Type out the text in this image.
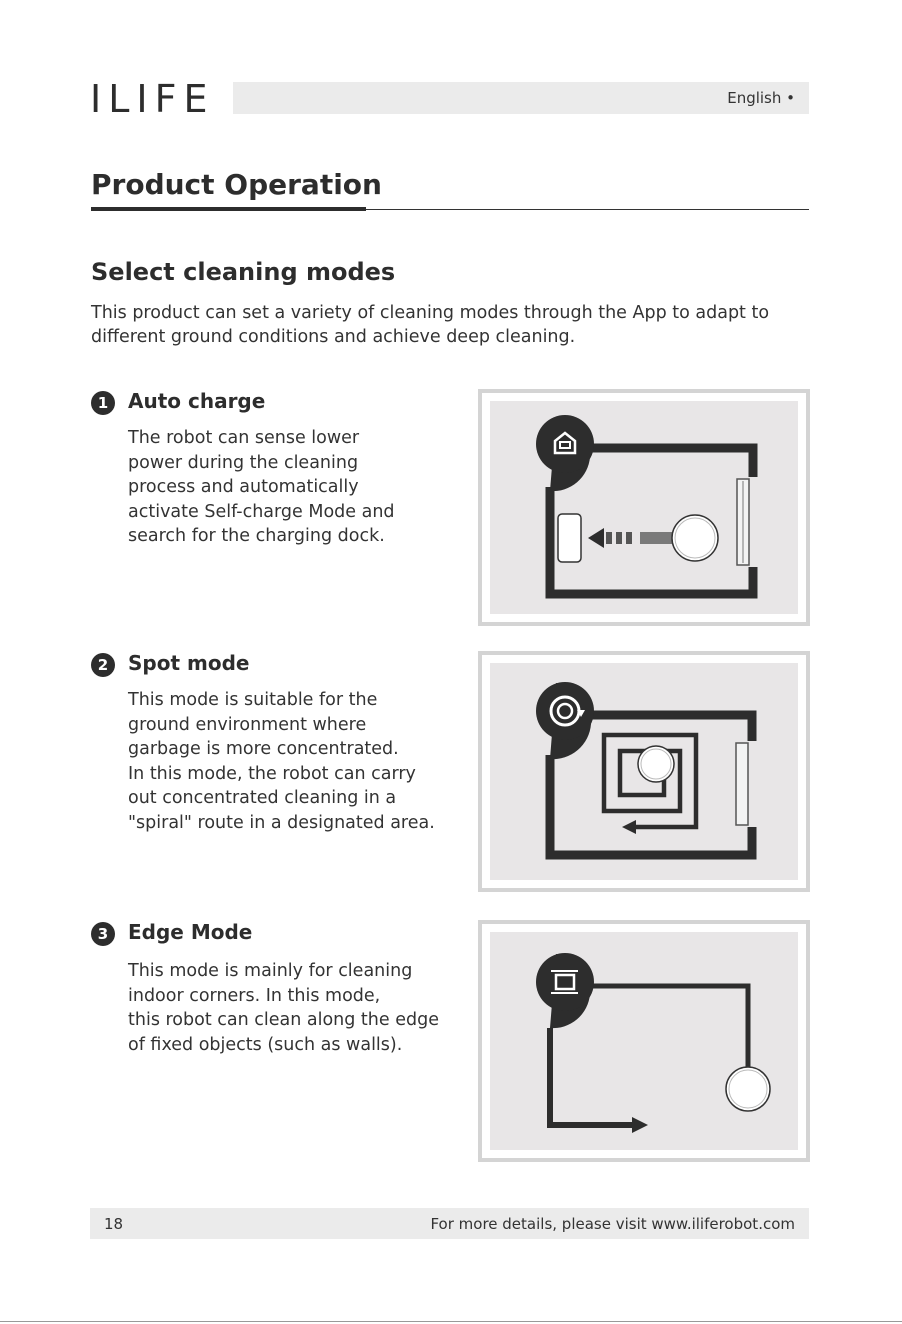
ILIFE	English •
Product Operation
Select cleaning modes
This product can set a variety of cleaning modes through the App to adapt to
different ground conditions and achieve deep cleaning.
1 Auto charge
The robot can sense lower
power during the cleaning
process and automatically
activate Self-charge Mode and
search for the charging dock.
2 Spot mode
This mode is suitable for the
ground environment where
garbage is more concentrated.
In this mode, the robot can carry
out concentrated cleaning in a
"spiral" route in a designated area.
3 Edge Mode
This mode is mainly for cleaning
indoor corners. In this mode,
this robot can clean along the edge
of fixed objects (such as walls).
18	For more details, please visit www.iliferobot.com
